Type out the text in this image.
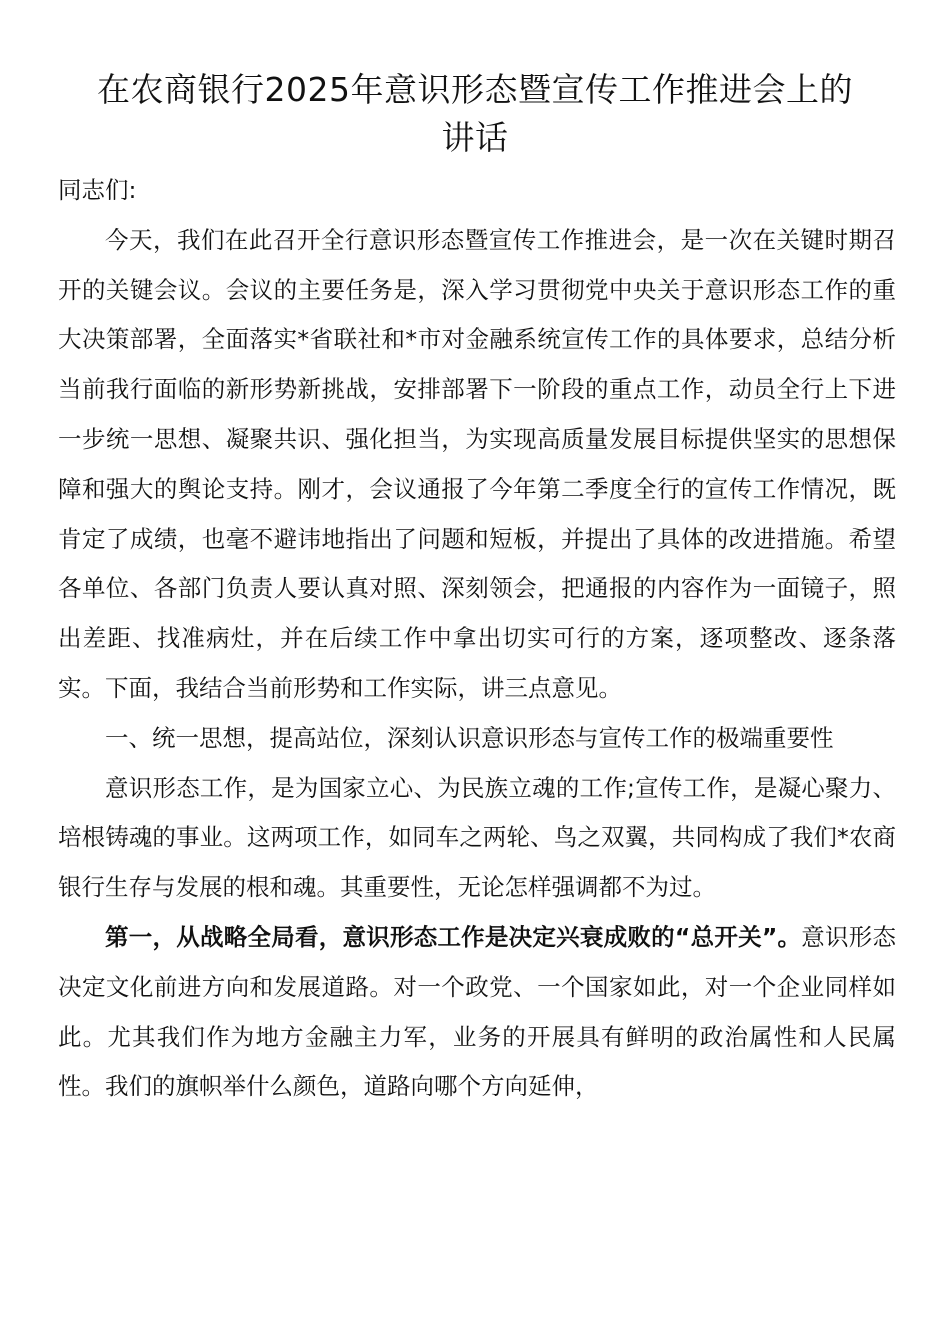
在农商银行2025年意识形态暨宣传工作推进会上的
讲话

同志们:

今天，我们在此召开全行意识形态暨宣传工作推进会，是一次在关键时期召开的关键会议。会议的主要任务是，深入学习贯彻党中央关于意识形态工作的重大决策部署，全面落实*省联社和*市对金融系统宣传工作的具体要求，总结分析当前我行面临的新形势新挑战，安排部署下一阶段的重点工作，动员全行上下进一步统一思想、凝聚共识、强化担当，为实现高质量发展目标提供坚实的思想保障和强大的舆论支持。刚才，会议通报了今年第二季度全行的宣传工作情况，既肯定了成绩，也毫不避讳地指出了问题和短板，并提出了具体的改进措施。希望各单位、各部门负责人要认真对照、深刻领会，把通报的内容作为一面镜子，照出差距、找准病灶，并在后续工作中拿出切实可行的方案，逐项整改、逐条落实。下面，我结合当前形势和工作实际，讲三点意见。

一、统一思想，提高站位，深刻认识意识形态与宣传工作的极端重要性

意识形态工作，是为国家立心、为民族立魂的工作;宣传工作，是凝心聚力、培根铸魂的事业。这两项工作，如同车之两轮、鸟之双翼，共同构成了我们*农商银行生存与发展的根和魂。其重要性，无论怎样强调都不为过。

第一，从战略全局看，意识形态工作是决定兴衰成败的“总开关”。意识形态决定文化前进方向和发展道路。对一个政党、一个国家如此，对一个企业同样如此。尤其我们作为地方金融主力军，业务的开展具有鲜明的政治属性和人民属性。我们的旗帜举什么颜色，道路向哪个方向延伸，
